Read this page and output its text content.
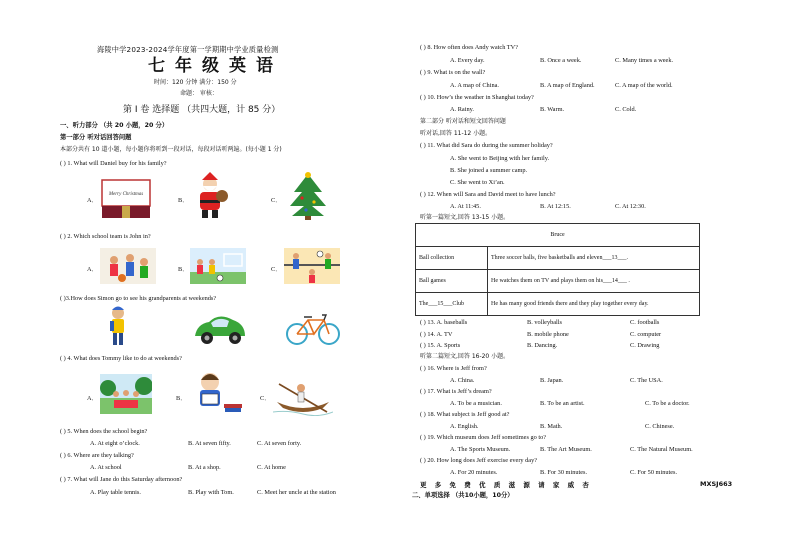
海陵中学2023-2024学年度第一学期期中学业质量检测
七年级英语
时间：120 分钟 满分：150 分
命题： 审核：
第 I 卷 选择题 （共四大题，计 85 分）
一、听力部分 （共 20 小题，20 分）
第一部分 听对话回答问题
本部分共有 10 道小题，每小题你将听到一段对话，每段对话听两遍。(每小题 1 分)
( ) 1. What will Daniel buy for his family?
A．
Merry Christmas
B．	C．
( ) 2. Which school team is John in?
A．	B．	C．
( )3.How does Simon go to see his grandparents at weekends?
( ) 4. What does Tommy like to do at weekends?
A．	B．	C．
( ) 5. When does the school begin?
A. At eight o’clock.	B. At seven fifty.	C. At seven forty.
( ) 6. Where are they talking?
A. At school	B. At a shop.	C. At home
( ) 7. What will Jane do this Saturday afternoon?
A. Play table tennis.	B. Play with Tom.	C. Meet her uncle at the station
( ) 8. How often does Andy watch TV?
A. Every day.	B. Once a week.	C. Many times a week.
( ) 9. What is on the wall?
A. A map of China.	B. A map of England.	C. A map of the world.
( ) 10. How’s the weather in Shanghai today?
A. Rainy.	B. Warm.	C. Cold.
第二部分 听对话和短文回答问题
听对话,回答 11-12 小题。
( ) 11. What did Sara do during the summer holiday?
A. She went to Beijing with her family.
B. She joined a summer camp.
C. She went to Xi’an.
( ) 12. When will Sara and David meet to have lunch?
A. At 11:45.	B. At 12:15.	C. At 12:30.
听第一篇短文,回答 13-15 小题。
Bruce	
Ball collection	Three soccer balls, five basketballs and eleven___13___.
Ball games	He watches them on TV and plays them on his___14___ .
The___15___Club	He has many good friends there and they play together every day.
( ) 13. A. baseballs	B. volleyballs	C. footballs
( ) 14. A. TV	B. mobile phone	C. computer
( ) 15. A. Sports	B. Dancing.	C. Drawing
听第二篇短文,回答 16-20 小题。
( ) 16. Where is Jeff from?
A. China.	B. Japan.	C. The USA.
( ) 17. What is Jeff’s dream?
A. To be a musician.	B. To be an artist.	C. To be a doctor.
( ) 18. What subject is Jeff good at?
A. English.	B. Math.	C. Chinese.
( ) 19. Which museum does Jeff sometimes go to?
A. The Sports Museum.	B. The Art Museum.	C. The Natural Museum.
( ) 20. How long does Jeff exercise every day?
A. For 20 minutes.	B. For 30 minutes.	C. For 50 minutes.
更 多 免 费 优 质 滋 源 请 家 威 杏	MXSJ663
二、单项选择 （共10小题，10分）
